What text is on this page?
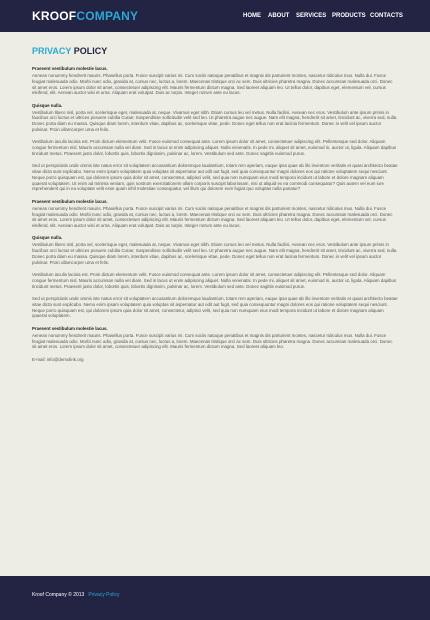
KROOFCOMPANY	HOME ABOUT SERVICES PRODUCTS CONTACTS
PRIVACY POLICY
Praesent vestibulum molestie lacus.
Aenean nonummy hendrerit mauris. Phasellus porta. Fusce suscipit varius mi. Cum sociis natoque penatibus et magnis dis parturient montes, nascetur ridiculus mus. Nulla dui. Fusce feugiat malesuada odio. Morbi nunc odio, gravida at, cursus nec, luctus a, lorem. Maecenas tristique orci ac sem. Duis ultricies pharetra magna. Donec accumsan malesuada orci. Donec sit amet eros. Lorem ipsum dolor sit amet, consectetuer adipiscing elit. Mauris fermentum dictum magna. Sed laoreet aliquam leo. Ut tellus dolor, dapibus eget, elementum vel, cursus eleifend, elit. Aenean auctor wisi et urna. Aliquam erat volutpat. Duis ac turpis. Integer rutrum ante eu lacus.
Quisque nulla.
Vestibulum libero nisl, porta vel, scelerisque eget, malesuada at, neque. Vivamus eget nibh. Etiam cursus leo vel metus. Nulla facilisi. Aenean nec eros. Vestibulum ante ipsum primis in faucibus orci luctus et ultrices posuere cubilia Curae; Suspendisse sollicitudin velit sed leo. Ut pharetra augue nec augue. Nam elit magna, hendrerit sit amet, tincidunt ac, viverra sed, nulla. Donec porta diam eu massa. Quisque diam lorem, interdum vitae, dapibus ac, scelerisque vitae, pede. Donec eget tellus non erat lacinia fermentum. Donec in velit vel ipsum auctor pulvinar. Proin ullamcorper urna et felis.
Vestibulum iaculis lacinia est. Proin dictum elementum velit. Fusce euismod consequat ante. Lorem ipsum dolor sit amet, consectetuer adipiscing elit. Pellentesque sed dolor. Aliquam congue fermentum nisl. Mauris accumsan nulla vel diam. Sed in lacus ut enim adipiscing aliquet. Nulla venenatis. In pede mi, aliquet sit amet, euismod in, auctor ut, ligula. Aliquam dapibus tincidunt metus. Praesent justo dolor, lobortis quis, lobortis dignissim, pulvinar ac, lorem. Vestibulum sed ante. Donec sagittis euismod purus.
Sed ut perspiciatis unde omnis iste natus error sit voluptatem accusantium doloremque laudantium, totam rem aperiam, eaque ipsa quae ab illo inventore veritatis et quasi architecto beatae vitae dicta sunt explicabo. Nemo enim ipsam voluptatem quia voluptas sit aspernatur aut odit aut fugit, sed quia consequuntur magni dolores eos qui ratione voluptatem sequi nesciunt. Neque porro quisquam est, qui dolorem ipsum quia dolor sit amet, consectetur, adipisci velit, sed quia non numquam eius modi tempora incidunt ut labore et dolore magnam aliquam quaerat voluptatem. Ut enim ad minima veniam, quis nostrum exercitationem ullam corporis suscipit laboriosam, nisi ut aliquid ex ea commodi consequatur? Quis autem vel eum iure reprehenderit qui in ea voluptate velit esse quam nihil molestiae consequatur, vel illum qui dolorem eum fugiat quo voluptas nulla pariatur?
Praesent vestibulum molestie lacus.
Aenean nonummy hendrerit mauris. Phasellus porta. Fusce suscipit varius mi. Cum sociis natoque penatibus et magnis dis parturient montes, nascetur ridiculus mus. Nulla dui. Fusce feugiat malesuada odio. Morbi nunc odio, gravida at, cursus nec, luctus a, lorem. Maecenas tristique orci ac sem. Duis ultricies pharetra magna. Donec accumsan malesuada orci. Donec sit amet eros. Lorem ipsum dolor sit amet, consectetuer adipiscing elit. Mauris fermentum dictum magna. Sed laoreet aliquam leo. Ut tellus dolor, dapibus eget, elementum vel, cursus eleifend, elit. Aenean auctor wisi et urna. Aliquam erat volutpat. Duis ac turpis. Integer rutrum ante eu lacus.
Quisque nulla.
Vestibulum libero nisl, porta vel, scelerisque eget, malesuada at, neque. Vivamus eget nibh. Etiam cursus leo vel metus. Nulla facilisi. Aenean nec eros. Vestibulum ante ipsum primis in faucibus orci luctus et ultrices posuere cubilia Curae; Suspendisse sollicitudin velit sed leo. Ut pharetra augue nec augue. Nam elit magna, hendrerit sit amet, tincidunt ac, viverra sed, nulla. Donec porta diam eu massa. Quisque diam lorem, interdum vitae, dapibus ac, scelerisque vitae, pede. Donec eget tellus non erat lacinia fermentum. Donec in velit vel ipsum auctor pulvinar. Proin ullamcorper urna et felis.
Vestibulum iaculis lacinia est. Proin dictum elementum velit. Fusce euismod consequat ante. Lorem ipsum dolor sit amet, consectetuer adipiscing elit. Pellentesque sed dolor. Aliquam congue fermentum nisl. Mauris accumsan nulla vel diam. Sed in lacus ut enim adipiscing aliquet. Nulla venenatis. In pede mi, aliquet sit amet, euismod in, auctor ut, ligula. Aliquam dapibus tincidunt metus. Praesent justo dolor, lobortis quis, lobortis dignissim, pulvinar ac, lorem. Vestibulum sed ante. Donec sagittis euismod purus.
Sed ut perspiciatis unde omnis iste natus error sit voluptatem accusantium doloremque laudantium, totam rem aperiam, eaque ipsa quae ab illo inventore veritatis et quasi architecto beatae vitae dicta sunt explicabo. Nemo enim ipsam voluptatem quia voluptas sit aspernatur aut odit aut fugit, sed quia consequuntur magni dolores eos qui ratione voluptatem sequi nesciunt. Neque porro quisquam est, qui dolorem ipsum quia dolor sit amet, consectetur, adipisci velit, sed quia non numquam eius modi tempora incidunt ut labore et dolore magnam aliquam quaerat voluptatem.
Praesent vestibulum molestie lacus.
Aenean nonummy hendrerit mauris. Phasellus porta. Fusce suscipit varius mi. Cum sociis natoque penatibus et magnis dis parturient montes, nascetur ridiculus mus. Nulla dui. Fusce feugiat malesuada odio. Morbi nunc odio, gravida at, cursus nec, luctus a, lorem. Maecenas tristique orci ac sem. Duis ultricies pharetra magna. Donec accumsan malesuada orci. Donec sit amet eros. Lorem ipsum dolor sit amet, consectetuer adipiscing elit. Mauris fermentum dictum magna. Sed laoreet aliquam leo.
E-mail: info@demolink.org
Kroof Company © 2013 Privacy Policy
